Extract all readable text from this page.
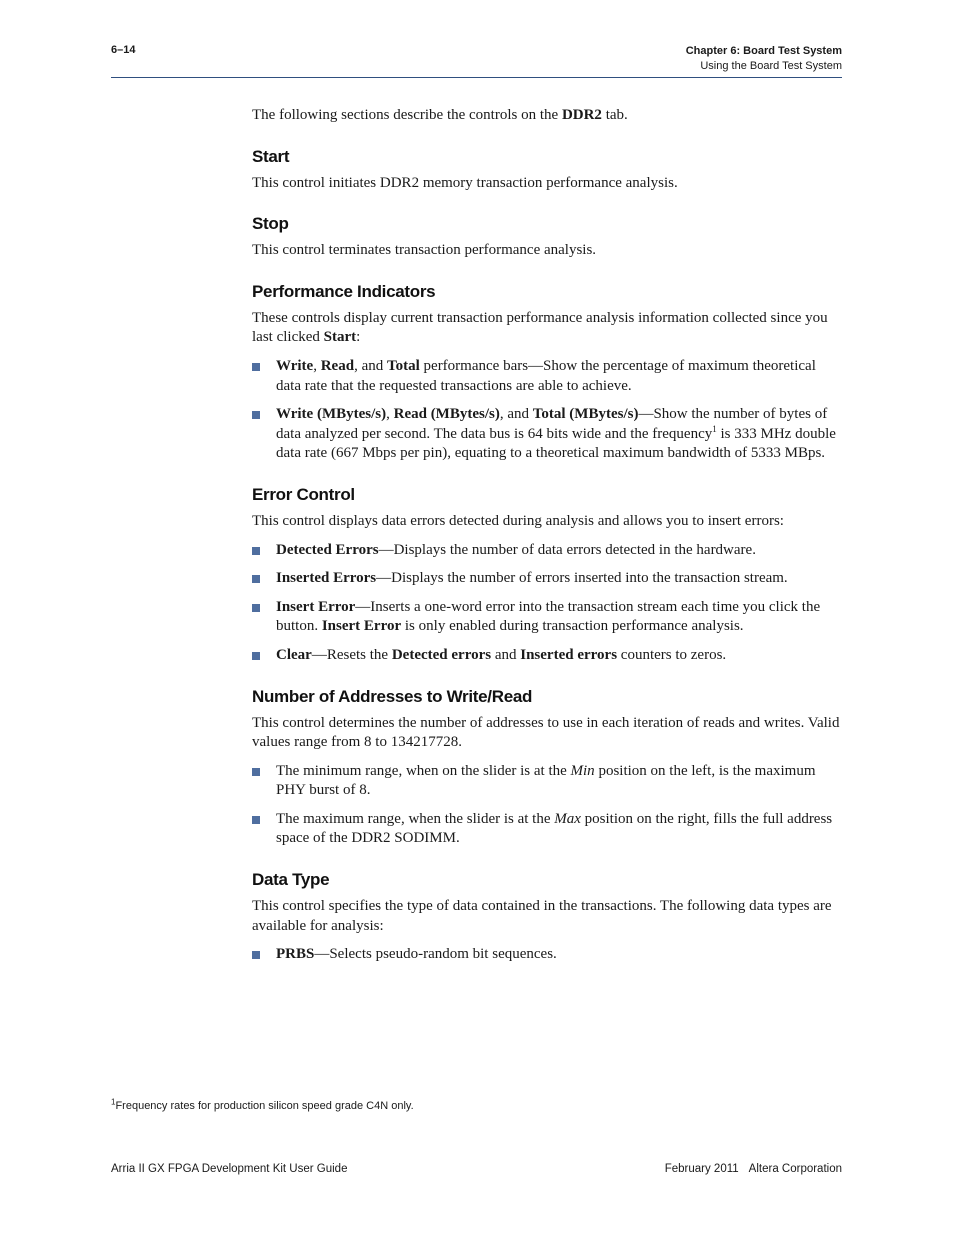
6–14	Chapter 6: Board Test System
Using the Board Test System

The following sections describe the controls on the DDR2 tab.

Start

This control initiates DDR2 memory transaction performance analysis.

Stop

This control terminates transaction performance analysis.

Performance Indicators

These controls display current transaction performance analysis information collected since you last clicked Start:

Write, Read, and Total performance bars—Show the percentage of maximum theoretical data rate that the requested transactions are able to achieve.
Write (MBytes/s), Read (MBytes/s), and Total (MBytes/s)—Show the number of bytes of data analyzed per second. The data bus is 64 bits wide and the frequency$^1$ is 333 MHz double data rate (667 Mbps per pin), equating to a theoretical maximum bandwidth of 5333 MBps.
Error Control

This control displays data errors detected during analysis and allows you to insert errors:

Detected Errors—Displays the number of data errors detected in the hardware.
Inserted Errors—Displays the number of errors inserted into the transaction stream.
Insert Error—Inserts a one-word error into the transaction stream each time you click the button. Insert Error is only enabled during transaction performance analysis.
Clear—Resets the Detected errors and Inserted errors counters to zeros.
Number of Addresses to Write/Read

This control determines the number of addresses to use in each iteration of reads and writes. Valid values range from 8 to 134217728.

The minimum range, when on the slider is at the Min position on the left, is the maximum PHY burst of 8.
The maximum range, when the slider is at the Max position on the right, fills the full address space of the DDR2 SODIMM.
Data Type

This control specifies the type of data contained in the transactions. The following data types are available for analysis:

PRBS—Selects pseudo-random bit sequences.
$^1$Frequency rates for production silicon speed grade C4N only.
Arria II GX FPGA Development Kit User Guide	February 2011 Altera Corporation
